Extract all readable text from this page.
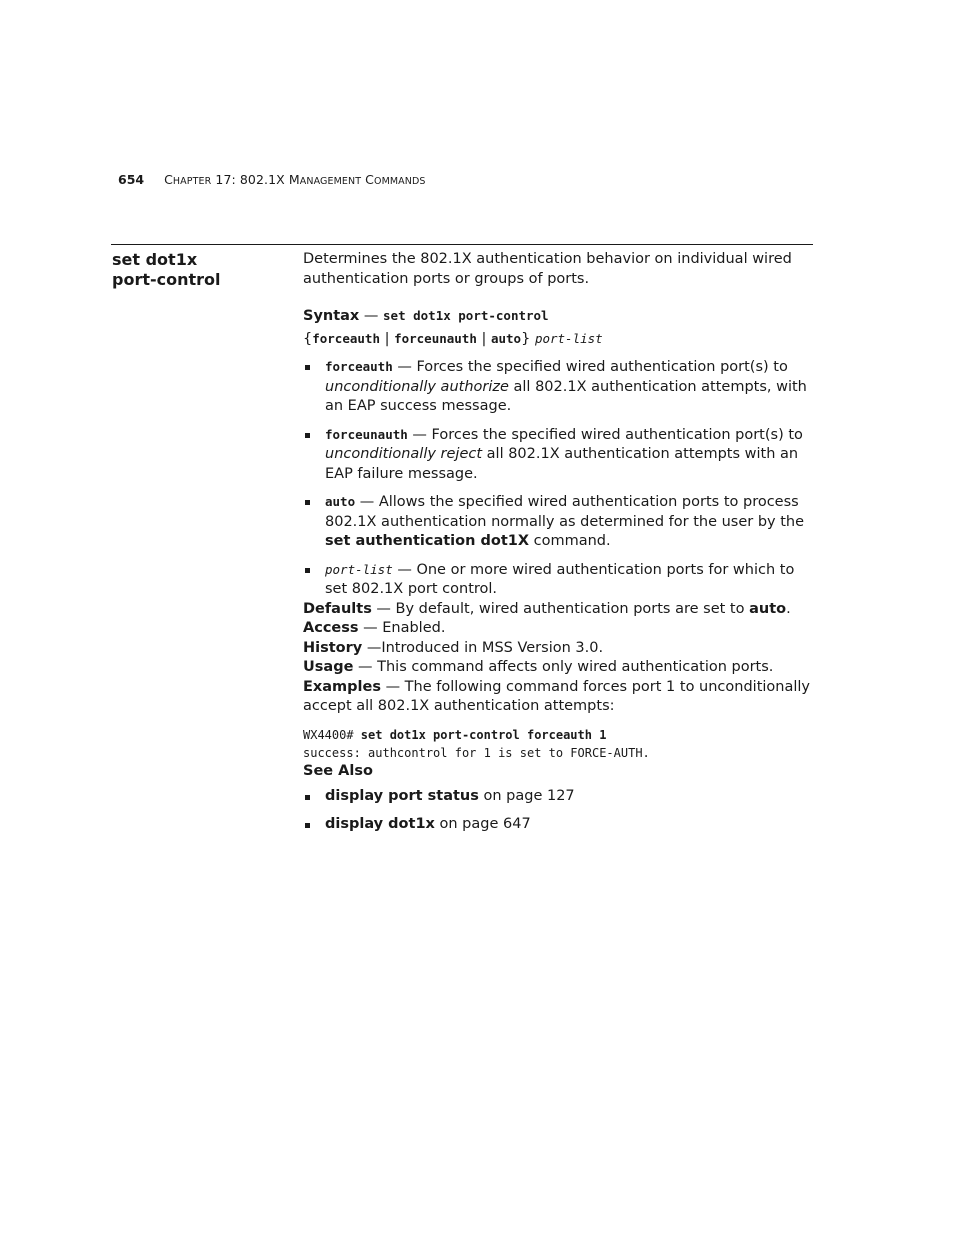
654 CHAPTER 17: 802.1X MANAGEMENT COMMANDS
set dot1x
port-control

Determines the 802.1X authentication behavior on individual wired authentication ports or groups of ports.

Syntax — set dot1x port-control
{forceauth | forceunauth | auto} port-list
forceauth — Forces the specified wired authentication port(s) to unconditionally authorize all 802.1X authentication attempts, with an EAP success message.
forceunauth — Forces the specified wired authentication port(s) to unconditionally reject all 802.1X authentication attempts with an EAP failure message.
auto — Allows the specified wired authentication ports to process 802.1X authentication normally as determined for the user by the set authentication dot1X command.
port-list — One or more wired authentication ports for which to set 802.1X port control.

Defaults — By default, wired authentication ports are set to auto.

Access — Enabled.

History —Introduced in MSS Version 3.0.

Usage — This command affects only wired authentication ports.

Examples — The following command forces port 1 to unconditionally accept all 802.1X authentication attempts:

WX4400# set dot1x port-control forceauth 1
success: authcontrol for 1 is set to FORCE-AUTH.

See Also

display port status on page 127
display dot1x on page 647
